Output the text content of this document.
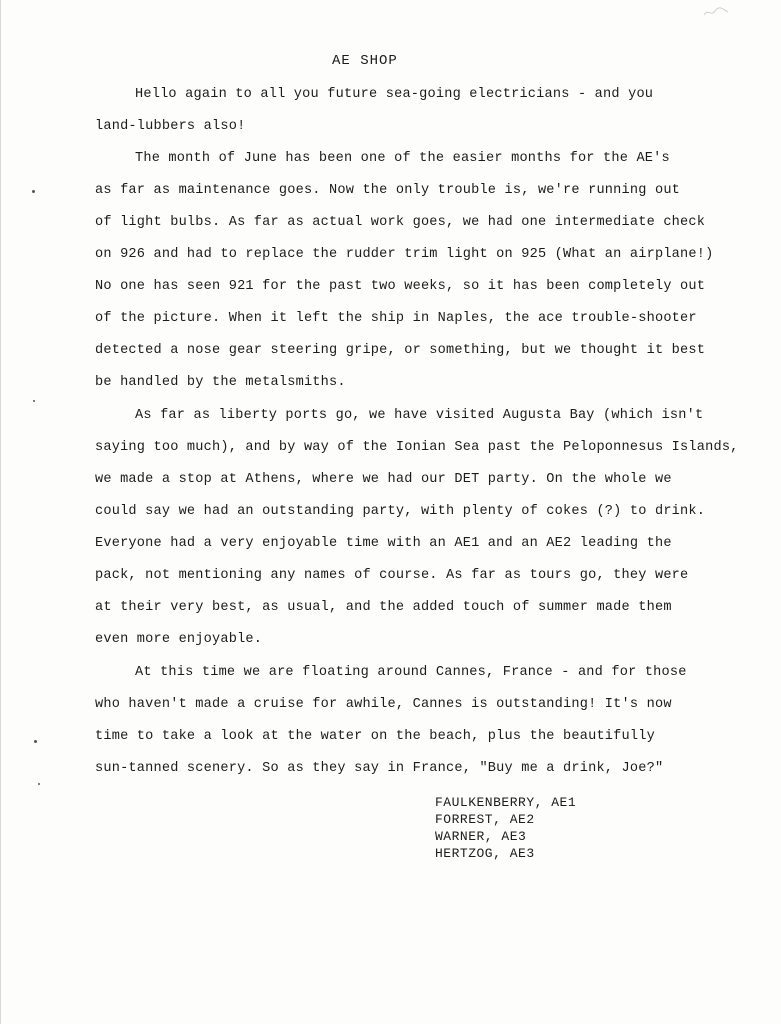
AE SHOP
Hello again to all you future sea-going electricians - and you
land-lubbers also!
The month of June has been one of the easier months for the AE's
as far as maintenance goes. Now the only trouble is, we're running out
of light bulbs. As far as actual work goes, we had one intermediate check
on 926 and had to replace the rudder trim light on 925 (What an airplane!)
No one has seen 921 for the past two weeks, so it has been completely out
of the picture. When it left the ship in Naples, the ace trouble-shooter
detected a nose gear steering gripe, or something, but we thought it best
be handled by the metalsmiths.
As far as liberty ports go, we have visited Augusta Bay (which isn't
saying too much), and by way of the Ionian Sea past the Peloponnesus Islands,
we made a stop at Athens, where we had our DET party. On the whole we
could say we had an outstanding party, with plenty of cokes (?) to drink.
Everyone had a very enjoyable time with an AE1 and an AE2 leading the
pack, not mentioning any names of course. As far as tours go, they were
at their very best, as usual, and the added touch of summer made them
even more enjoyable.
At this time we are floating around Cannes, France - and for those
who haven't made a cruise for awhile, Cannes is outstanding! It's now
time to take a look at the water on the beach, plus the beautifully
sun-tanned scenery. So as they say in France, "Buy me a drink, Joe?"
FAULKENBERRY, AE1
FORREST, AE2
WARNER, AE3
HERTZOG, AE3
